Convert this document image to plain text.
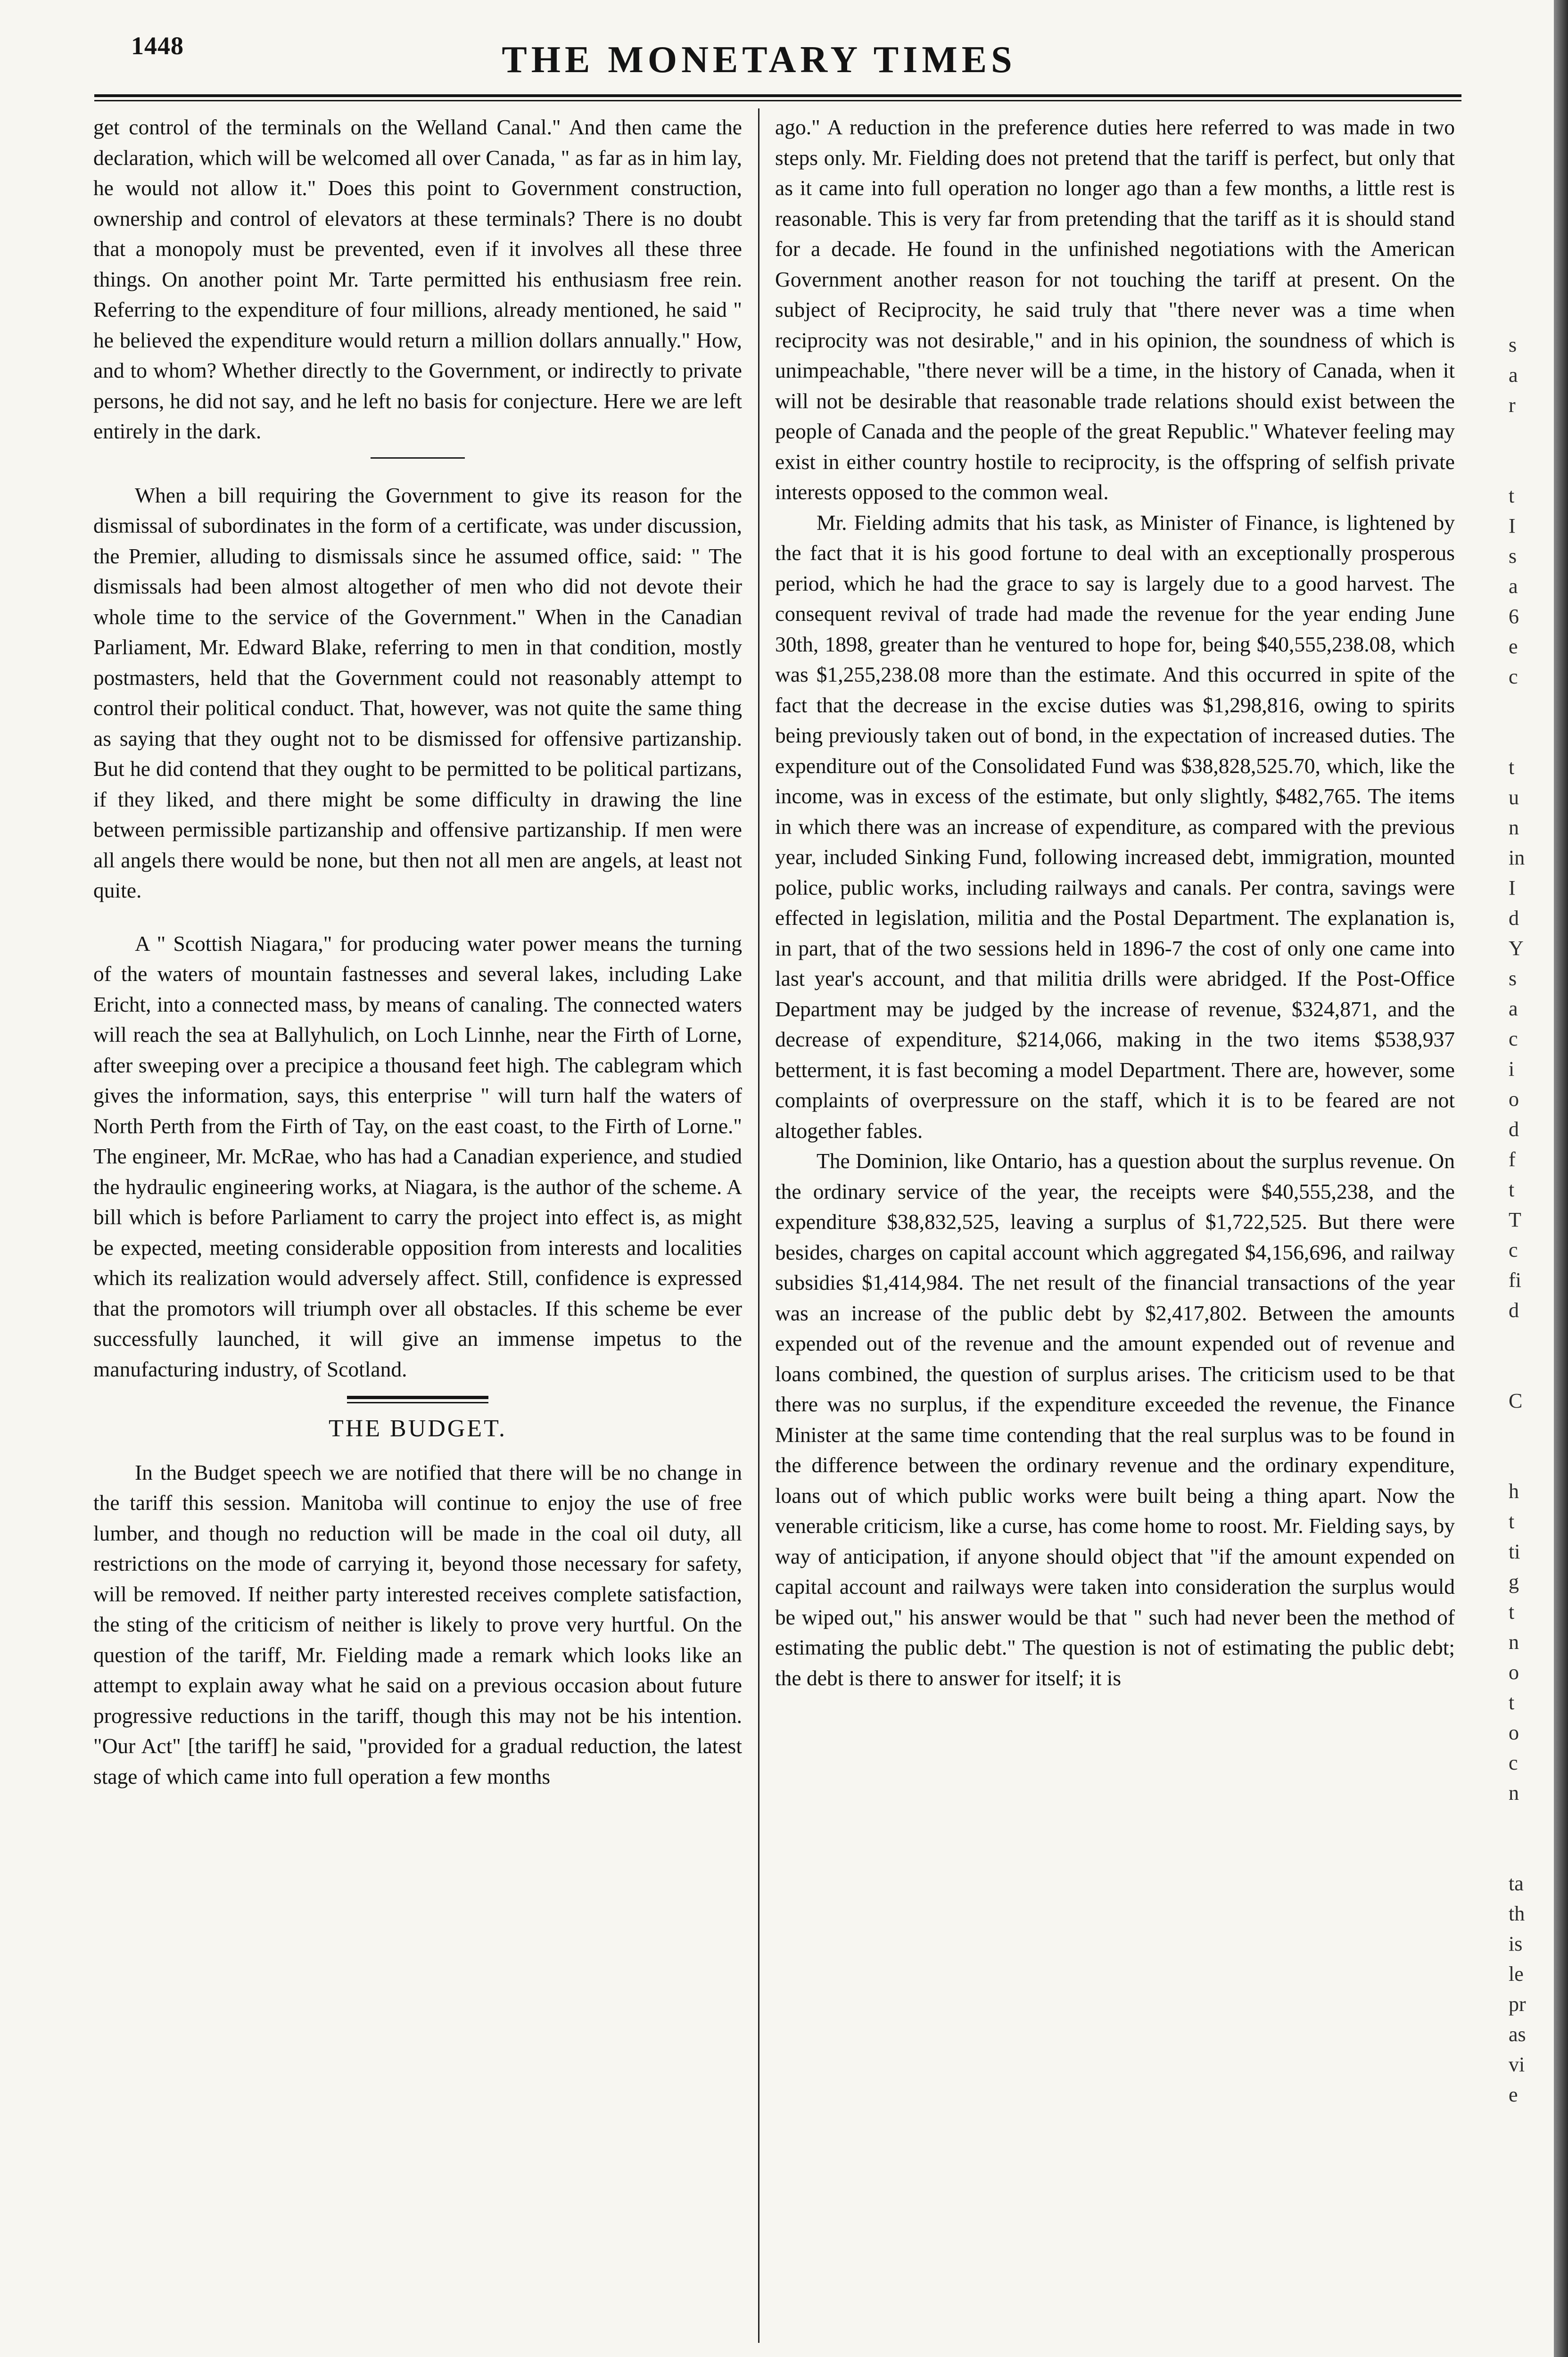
1448	THE MONETARY TIMES

get control of the terminals on the Welland Canal." And then came the declaration, which will be welcomed all over Canada, " as far as in him lay, he would not allow it." Does this point to Government construction, ownership and control of elevators at these terminals? There is no doubt that a monopoly must be prevented, even if it involves all these three things. On another point Mr. Tarte permitted his enthusiasm free rein. Referring to the expenditure of four millions, already mentioned, he said " he believed the expenditure would return a million dollars annually." How, and to whom? Whether directly to the Government, or indirectly to private persons, he did not say, and he left no basis for conjecture. Here we are left entirely in the dark.

When a bill requiring the Government to give its reason for the dismissal of subordinates in the form of a certificate, was under discussion, the Premier, alluding to dismissals since he assumed office, said: " The dismissals had been almost altogether of men who did not devote their whole time to the service of the Government." When in the Canadian Parliament, Mr. Edward Blake, referring to men in that condition, mostly postmasters, held that the Government could not reasonably attempt to control their political conduct. That, however, was not quite the same thing as saying that they ought not to be dismissed for offensive partizanship. But he did contend that they ought to be permitted to be political partizans, if they liked, and there might be some difficulty in drawing the line between permissible partizanship and offensive partizanship. If men were all angels there would be none, but then not all men are angels, at least not quite.

A " Scottish Niagara," for producing water power means the turning of the waters of mountain fastnesses and several lakes, including Lake Ericht, into a connected mass, by means of canaling. The connected waters will reach the sea at Ballyhulich, on Loch Linnhe, near the Firth of Lorne, after sweeping over a precipice a thousand feet high. The cablegram which gives the information, says, this enterprise " will turn half the waters of North Perth from the Firth of Tay, on the east coast, to the Firth of Lorne." The engineer, Mr. McRae, who has had a Canadian experience, and studied the hydraulic engineering works, at Niagara, is the author of the scheme. A bill which is before Parliament to carry the project into effect is, as might be expected, meeting considerable opposition from interests and localities which its realization would adversely affect. Still, confidence is expressed that the promotors will triumph over all obstacles. If this scheme be ever successfully launched, it will give an immense impetus to the manufacturing industry, of Scotland.

THE BUDGET.

In the Budget speech we are notified that there will be no change in the tariff this session. Manitoba will continue to enjoy the use of free lumber, and though no reduction will be made in the coal oil duty, all restrictions on the mode of carrying it, beyond those necessary for safety, will be removed. If neither party interested receives complete satisfaction, the sting of the criticism of neither is likely to prove very hurtful. On the question of the tariff, Mr. Fielding made a remark which looks like an attempt to explain away what he said on a previous occasion about future progressive reductions in the tariff, though this may not be his intention. "Our Act" [the tariff] he said, "provided for a gradual reduction, the latest stage of which came into full operation a few months

ago." A reduction in the preference duties here referred to was made in two steps only. Mr. Fielding does not pretend that the tariff is perfect, but only that as it came into full operation no longer ago than a few months, a little rest is reasonable. This is very far from pretending that the tariff as it is should stand for a decade. He found in the unfinished negotiations with the American Government another reason for not touching the tariff at present. On the subject of Reciprocity, he said truly that "there never was a time when reciprocity was not desirable," and in his opinion, the soundness of which is unimpeachable, "there never will be a time, in the history of Canada, when it will not be desirable that reasonable trade relations should exist between the people of Canada and the people of the great Republic." Whatever feeling may exist in either country hostile to reciprocity, is the offspring of selfish private interests opposed to the common weal.

Mr. Fielding admits that his task, as Minister of Finance, is lightened by the fact that it is his good fortune to deal with an exceptionally prosperous period, which he had the grace to say is largely due to a good harvest. The consequent revival of trade had made the revenue for the year ending June 30th, 1898, greater than he ventured to hope for, being $40,555,238.08, which was $1,255,238.08 more than the estimate. And this occurred in spite of the fact that the decrease in the excise duties was $1,298,816, owing to spirits being previously taken out of bond, in the expectation of increased duties. The expenditure out of the Consolidated Fund was $38,828,525.70, which, like the income, was in excess of the estimate, but only slightly, $482,765. The items in which there was an increase of expenditure, as compared with the previous year, included Sinking Fund, following increased debt, immigration, mounted police, public works, including railways and canals. Per contra, savings were effected in legislation, militia and the Postal Department. The explanation is, in part, that of the two sessions held in 1896-7 the cost of only one came into last year's account, and that militia drills were abridged. If the Post-Office Department may be judged by the increase of revenue, $324,871, and the decrease of expenditure, $214,066, making in the two items $538,937 betterment, it is fast becoming a model Department. There are, however, some complaints of overpressure on the staff, which it is to be feared are not altogether fables.

The Dominion, like Ontario, has a question about the surplus revenue. On the ordinary service of the year, the receipts were $40,555,238, and the expenditure $38,832,525, leaving a surplus of $1,722,525. But there were besides, charges on capital account which aggregated $4,156,696, and railway subsidies $1,414,984. The net result of the financial transactions of the year was an increase of the public debt by $2,417,802. Between the amounts expended out of the revenue and the amount expended out of revenue and loans combined, the question of surplus arises. The criticism used to be that there was no surplus, if the expenditure exceeded the revenue, the Finance Minister at the same time contending that the real surplus was to be found in the difference between the ordinary revenue and the ordinary expenditure, loans out of which public works were built being a thing apart. Now the venerable criticism, like a curse, has come home to roost. Mr. Fielding says, by way of anticipation, if anyone should object that "if the amount expended on capital account and railways were taken into consideration the surplus would be wiped out," his answer would be that " such had never been the method of estimating the public debt." The question is not of estimating the public debt; the debt is there to answer for itself; it is

s
a
r

t
I
s
a
6
e
c

t
u
n
in
I
d
Y
s
a
c
i
o
d
f
t
T
c
fi
d

C

h
t
ti
g
t
n
o
t
o
c
n

ta
th
is
le
pr
as
vi
e
